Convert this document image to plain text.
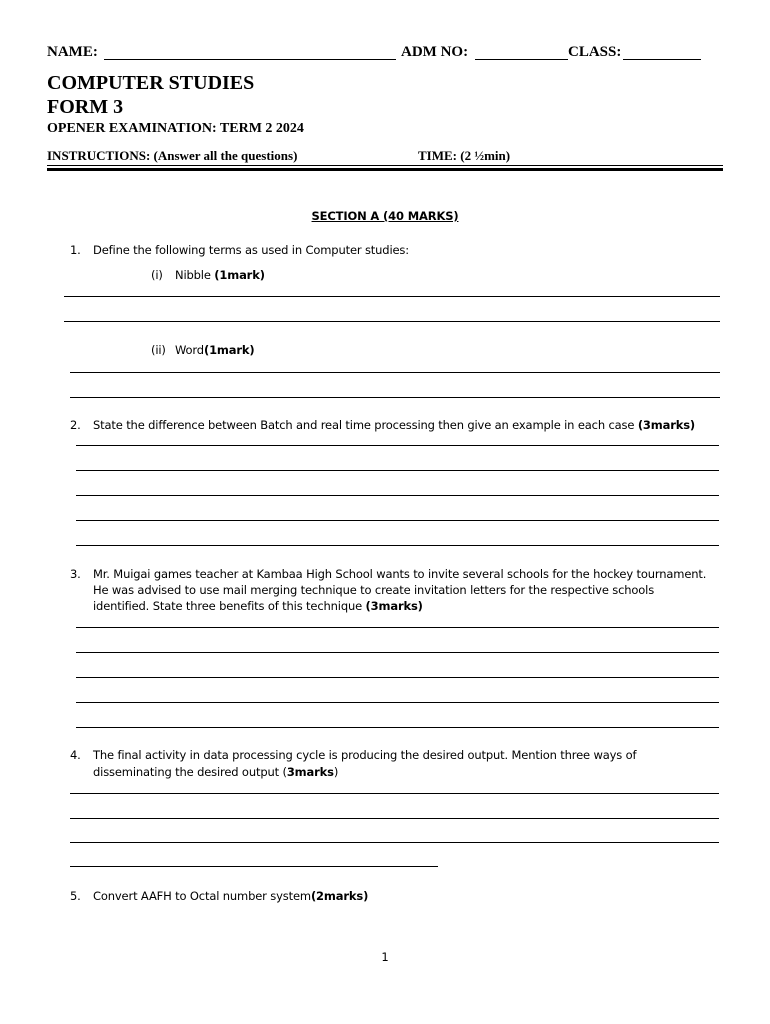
NAME:	ADM NO:	CLASS:
COMPUTER STUDIES
FORM 3
OPENER EXAMINATION: TERM 2 2024
INSTRUCTIONS: (Answer all the questions)	TIME: (2 ½min)
SECTION A (40 MARKS)
1. Define the following terms as used in Computer studies:
(i) Nibble (1mark)
(ii) Word(1mark)
2. State the difference between Batch and real time processing then give an example in each case (3marks)
3. Mr. Muigai games teacher at Kambaa High School wants to invite several schools for the hockey tournament.
He was advised to use mail merging technique to create invitation letters for the respective schools
identified. State three benefits of this technique (3marks)
4. The final activity in data processing cycle is producing the desired output. Mention three ways of
disseminating the desired output (3marks)
5. Convert AAFH to Octal number system(2marks)
1
